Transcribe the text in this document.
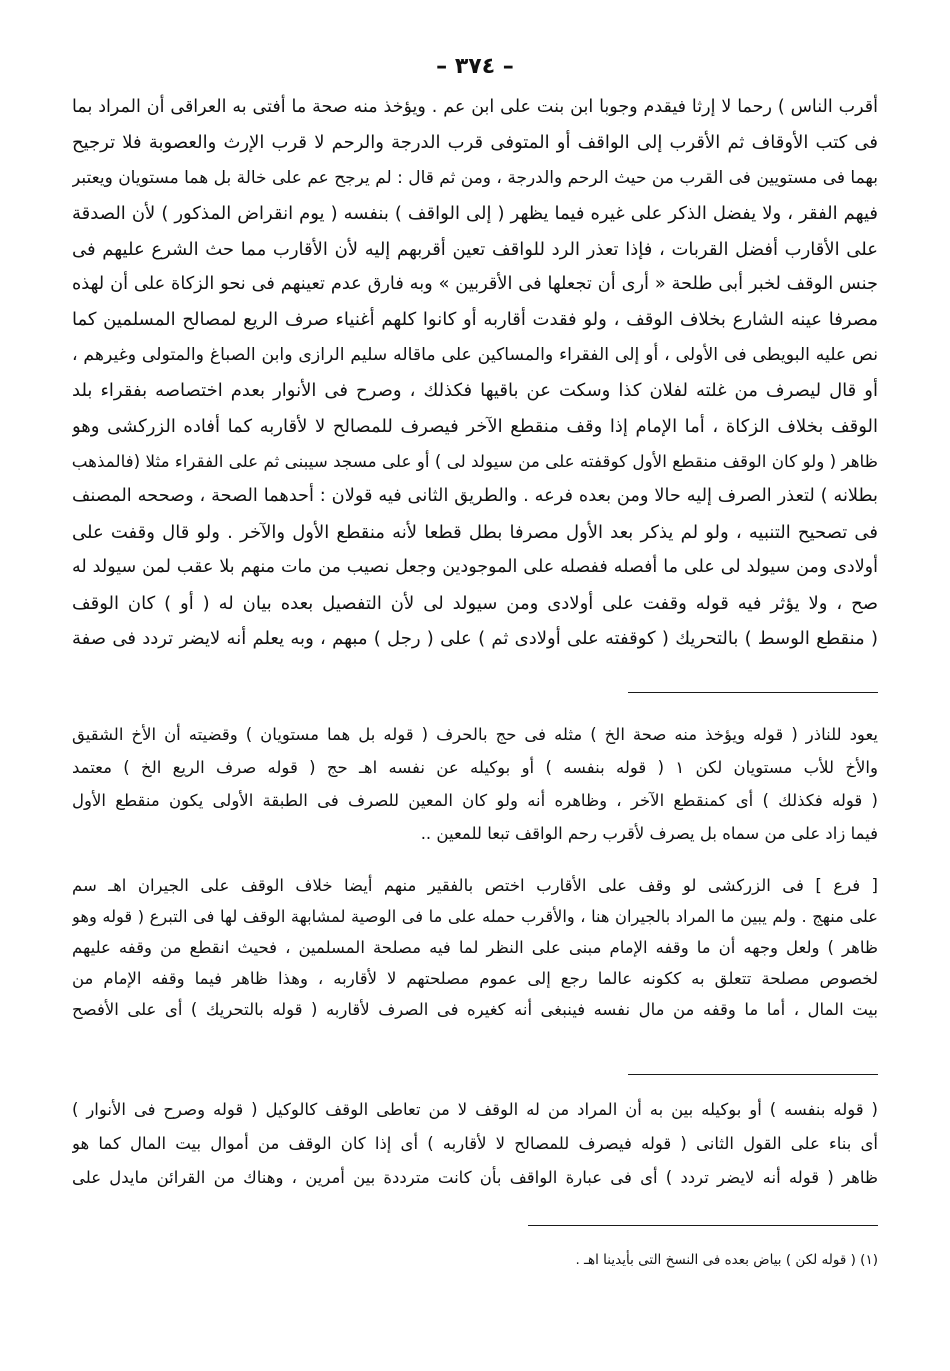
– ٣٧٤ –
أقرب الناس ) رحما لا إرثا فيقدم وجوبا ابن بنت على ابن عم . ويؤخذ منه صحة ما أفتى به العراقى أن المراد بما
فى كتب الأوقاف ثم الأقرب إلى الواقف أو المتوفى قرب الدرجة والرحم لا قرب الإرث والعصوبة فلا ترجيح
بهما فى مستويين فى القرب من حيث الرحم والدرجة ، ومن ثم قال : لم يرجح عم على خالة بل هما مستويان ويعتبر
فيهم الفقر ، ولا يفضل الذكر على غيره فيما يظهر ( إلى الواقف ) بنفسه ( يوم انقراض المذكور ) لأن الصدقة
على الأقارب أفضل القربات ، فإذا تعذر الرد للواقف تعين أقربهم إليه لأن الأقارب مما حث الشرع عليهم فى
جنس الوقف لخبر أبى طلحة « أرى أن تجعلها فى الأقربين » وبه فارق عدم تعينهم فى نحو الزكاة على أن لهذه
مصرفا عينه الشارع بخلاف الوقف ، ولو فقدت أقاربه أو كانوا كلهم أغنياء صرف الريع لمصالح المسلمين كما
نص عليه البويطى فى الأولى ، أو إلى الفقراء والمساكين على ماقاله سليم الرازى وابن الصباغ والمتولى وغيرهم ،
أو قال ليصرف من غلته لفلان كذا وسكت عن باقيها فكذلك ، وصرح فى الأنوار بعدم اختصاصه بفقراء بلد
الوقف بخلاف الزكاة ، أما الإمام إذا وقف منقطع الآخر فيصرف للمصالح لا لأقاربه كما أفاده الزركشى وهو
ظاهر ( ولو كان الوقف منقطع الأول كوقفته على من سيولد لى ) أو على مسجد سيبنى ثم على الفقراء مثلا (فالمذهب
بطلانه ) لتعذر الصرف إليه حالا ومن بعده فرعه . والطريق الثانى فيه قولان : أحدهما الصحة ، وصححه المصنف
فى تصحيح التنبيه ، ولو لم يذكر بعد الأول مصرفا بطل قطعا لأنه منقطع الأول والآخر . ولو قال وقفت على
أولادى ومن سيولد لى على ما أفصله ففصله على الموجودين وجعل نصيب من مات منهم بلا عقب لمن سيولد له
صح ، ولا يؤثر فيه قوله وقفت على أولادى ومن سيولد لى لأن التفصيل بعده بيان له ( أو ) كان الوقف
( منقطع الوسط ) بالتحريك ( كوقفته على أولادى ثم ) على ( رجل ) مبهم ، وبه يعلم أنه لايضر تردد فى صفة
يعود للناذر ( قوله ويؤخذ منه صحة الخ ) مثله فى حج بالحرف ( قوله بل هما مستويان ) وقضيته أن الأخ الشقيق
والأخ للأب مستويان لكن ١ ( قوله بنفسه ) أو بوكيله عن نفسه اهـ حج ( قوله صرف الريع الخ ) معتمد
( قوله فكذلك ) أى كمنقطع الآخر ، وظاهره أنه ولو كان المعين للصرف فى الطبقة الأولى يكون منقطع الأول
فيما زاد على من سماه بل يصرف لأقرب رحم الواقف تبعا للمعين ..
[ فرع ] فى الزركشى لو وقف على الأقارب اختص بالفقير منهم أيضا خلاف الوقف على الجيران اهـ سم
على منهج . ولم يبين ما المراد بالجيران هنا ، والأقرب حمله على ما فى الوصية لمشابهة الوقف لها فى التبرع ( قوله وهو
ظاهر ) ولعل وجهه أن ما وقفه الإمام مبنى على النظر لما فيه مصلحة المسلمين ، فحيث انقطع من وقفه عليهم
لخصوص مصلحة تتعلق به ككونه عالما رجع إلى عموم مصلحتهم لا لأقاربه ، وهذا ظاهر فيما وقفه الإمام من
بيت المال ، أما ما وقفه من مال نفسه فينبغى أنه كغيره فى الصرف لأقاربه ( قوله بالتحريك ) أى على الأفصح
( قوله بنفسه ) أو بوكيله بين به أن المراد من له الوقف لا من تعاطى الوقف كالوكيل ( قوله وصرح فى الأنوار )
أى بناء على القول الثانى ( قوله فيصرف للمصالح لا لأقاربه ) أى إذا كان الوقف من أموال بيت المال كما هو
ظاهر ( قوله أنه لايضر تردد ) أى فى عبارة الواقف بأن كانت مترددة بين أمرين ، وهناك من القرائن مايدل على
(١) ( قوله لكن ) بياض بعده فى النسخ التى بأيدينا اهـ .
